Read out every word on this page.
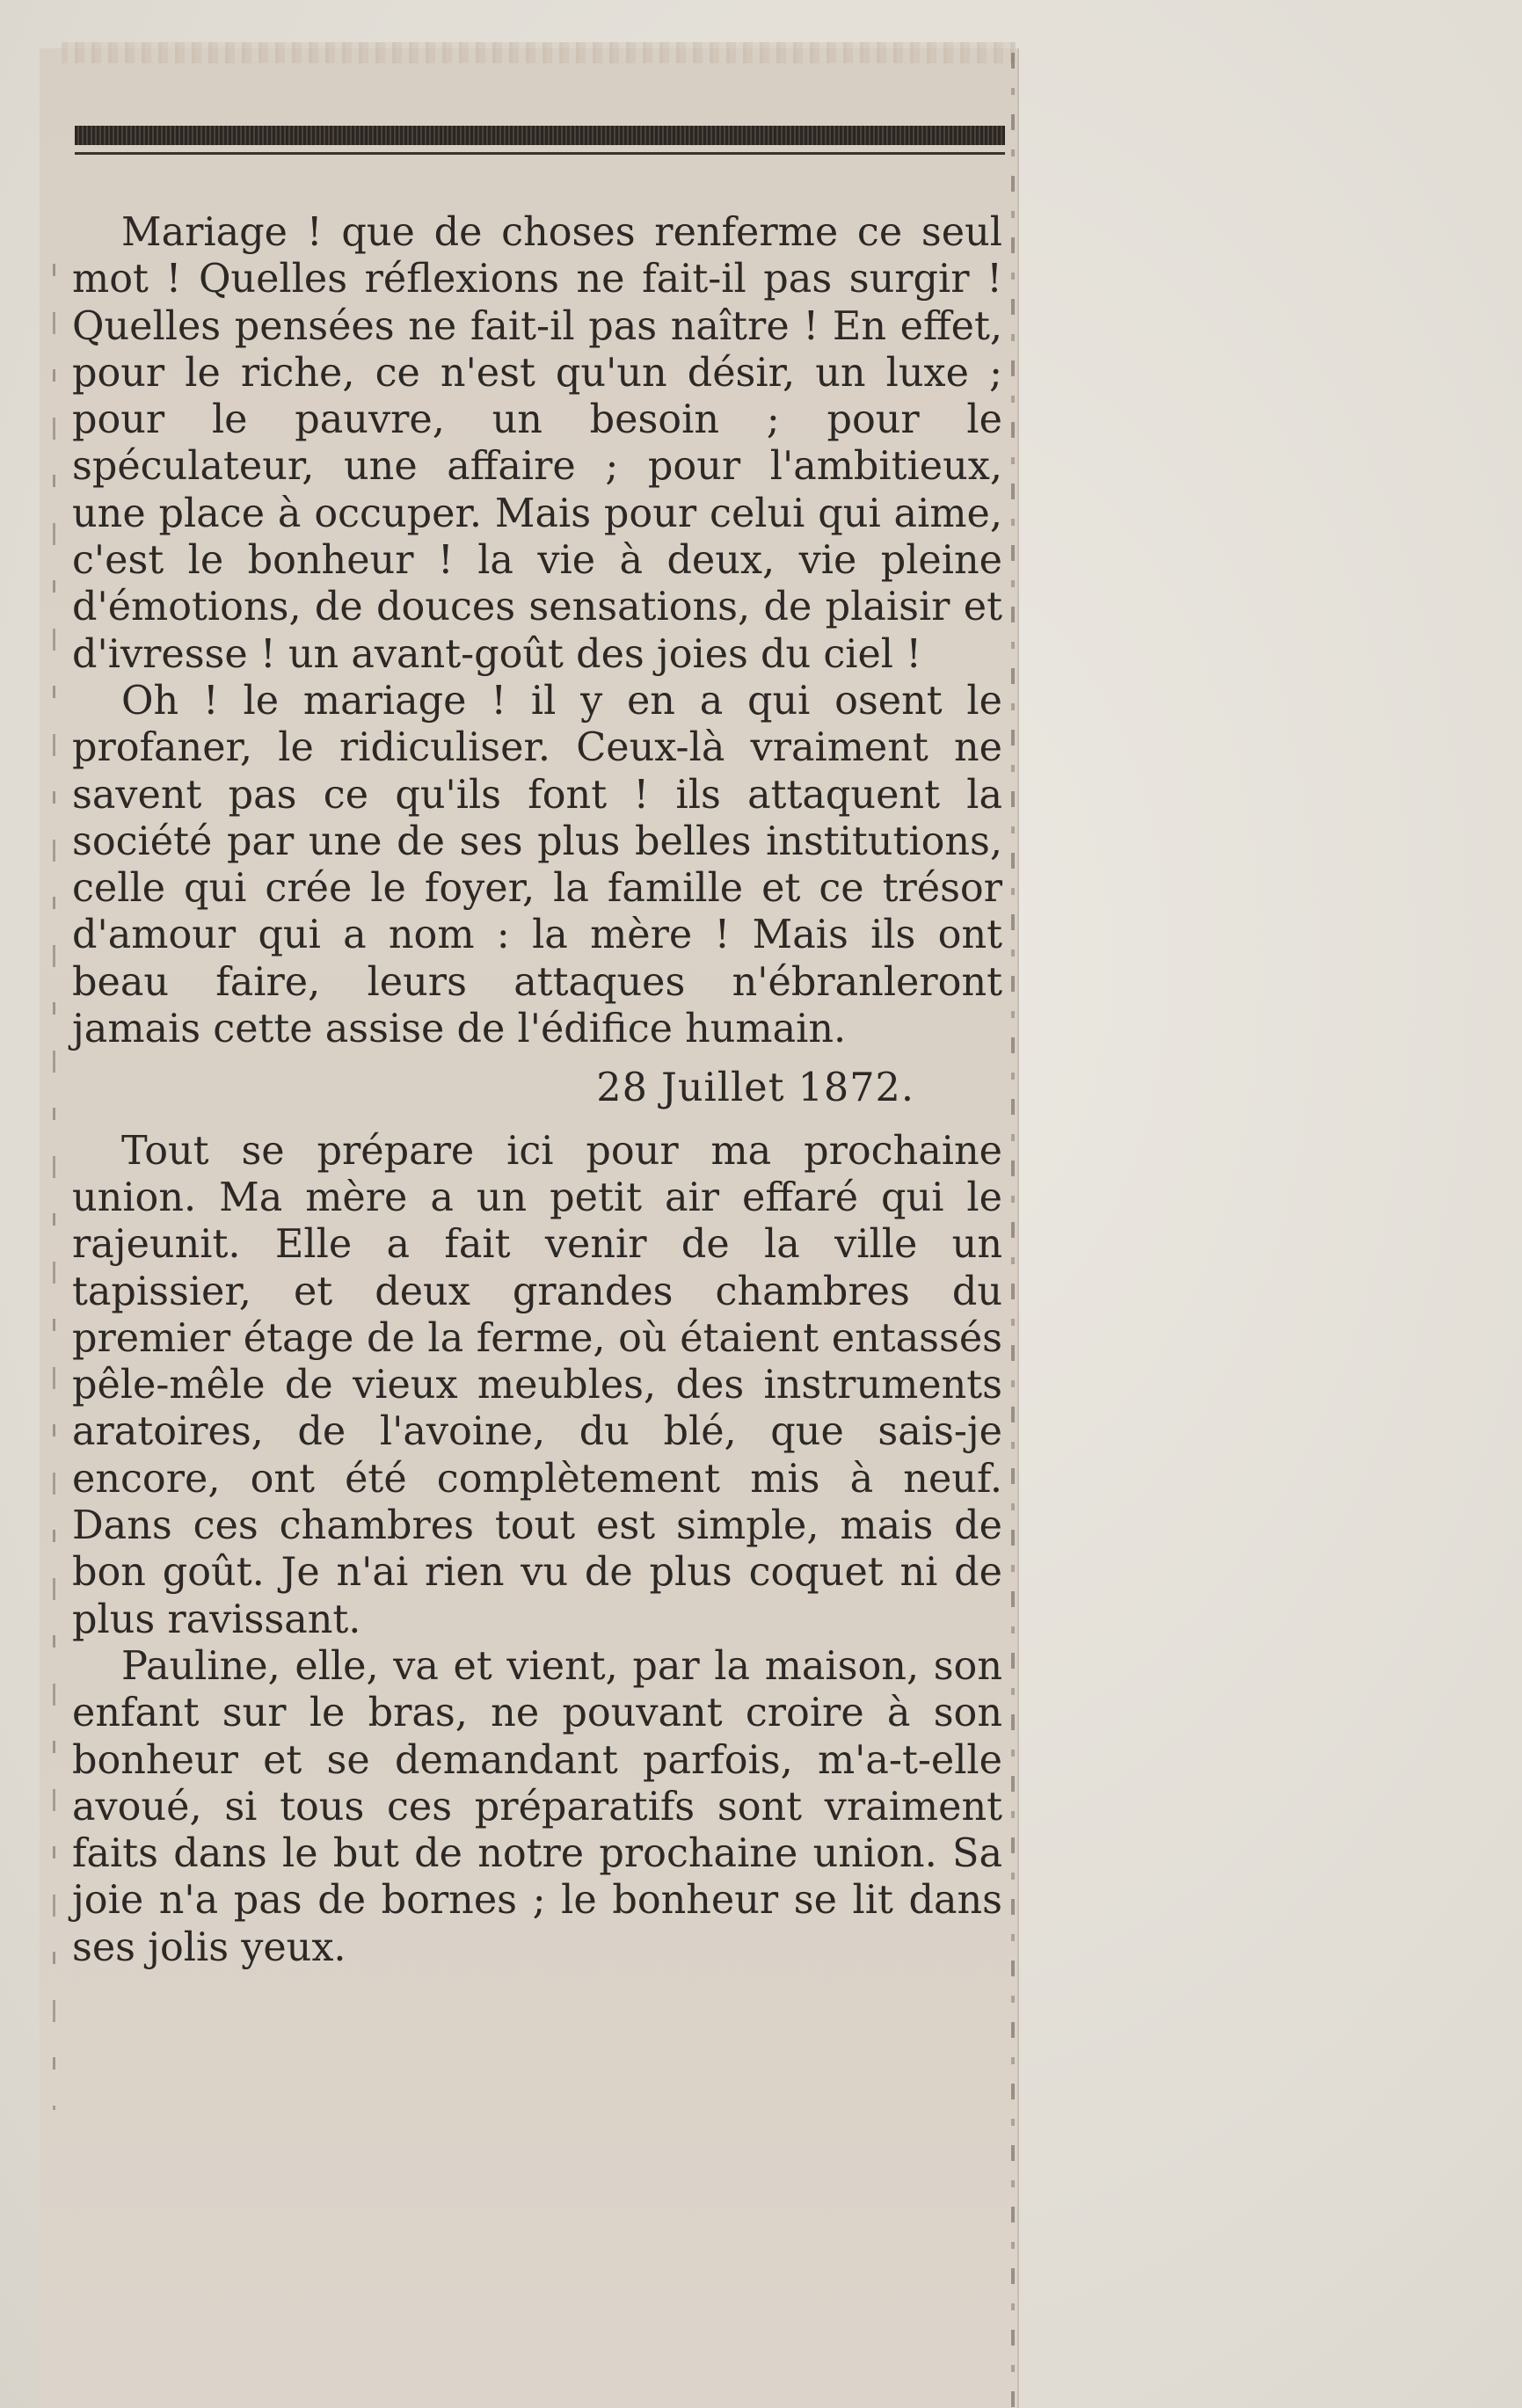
Mariage ! que de choses renferme ce seul mot ! Quelles réflexions ne fait-il pas surgir ! Quelles pensées ne fait-il pas naître ! En effet, pour le riche, ce n'est qu'un désir, un luxe ; pour le pauvre, un besoin ; pour le spéculateur, une affaire ; pour l'ambitieux, une place à occuper. Mais pour celui qui aime, c'est le bonheur ! la vie à deux, vie pleine d'émotions, de douces sensations, de plaisir et d'ivresse ! un avant-goût des joies du ciel !

Oh ! le mariage ! il y en a qui osent le profaner, le ridiculiser. Ceux-là vraiment ne savent pas ce qu'ils font ! ils attaquent la société par une de ses plus belles institutions, celle qui crée le foyer, la famille et ce trésor d'amour qui a nom : la mère ! Mais ils ont beau faire, leurs attaques n'ébranleront jamais cette assise de l'édifice humain.

28 Juillet 1872.

Tout se prépare ici pour ma prochaine union. Ma mère a un petit air effaré qui le rajeunit. Elle a fait venir de la ville un tapissier, et deux grandes chambres du premier étage de la ferme, où étaient entassés pêle-mêle de vieux meubles, des instruments aratoires, de l'avoine, du blé, que sais-je encore, ont été complètement mis à neuf. Dans ces chambres tout est simple, mais de bon goût. Je n'ai rien vu de plus coquet ni de plus ravissant.

Pauline, elle, va et vient, par la maison, son enfant sur le bras, ne pouvant croire à son bonheur et se demandant parfois, m'a-t-elle avoué, si tous ces préparatifs sont vraiment faits dans le but de notre prochaine union. Sa joie n'a pas de bornes ; le bonheur se lit dans ses jolis yeux.
